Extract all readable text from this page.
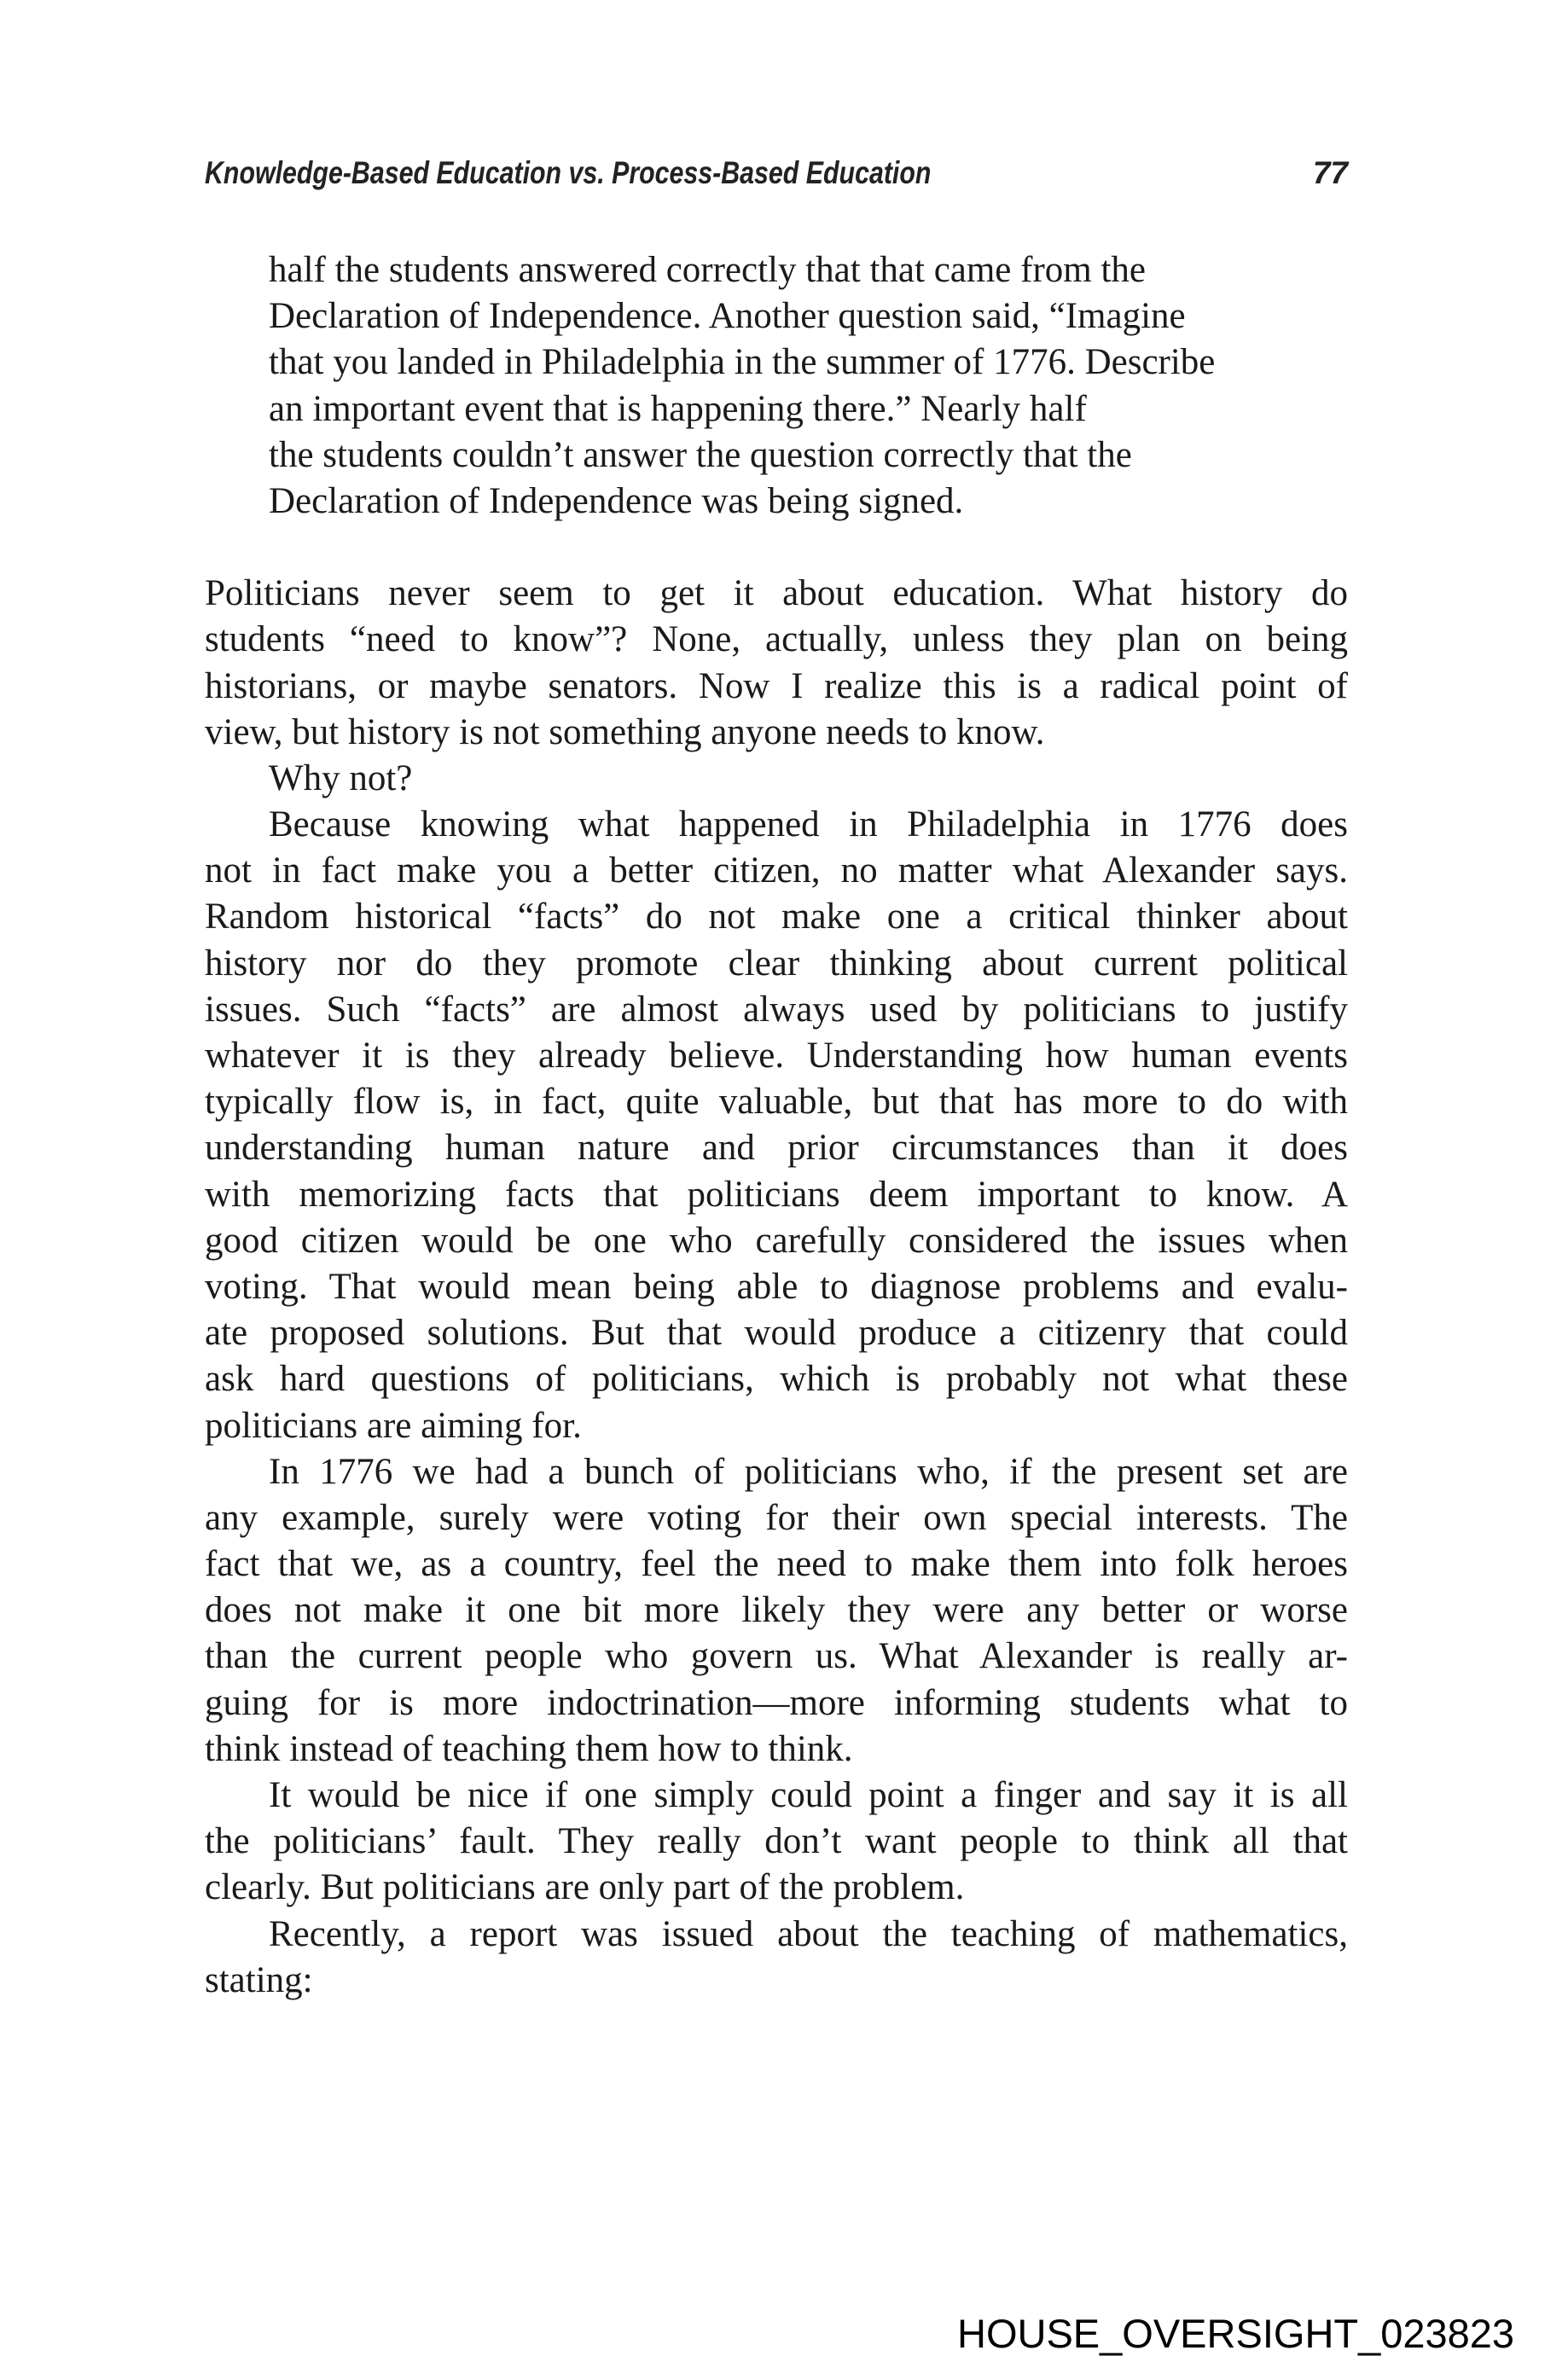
Knowledge-Based Education vs. Process-Based Education	77
half the students answered correctly that that came from the
Declaration of Independence. Another question said, “Imagine
that you landed in Philadelphia in the summer of 1776. Describe
an important event that is happening there.” Nearly half
the students couldn’t answer the question correctly that the
Declaration of Independence was being signed.
Politicians never seem to get it about education. What history do
students “need to know”? None, actually, unless they plan on being
historians, or maybe senators. Now I realize this is a radical point of
view, but history is not something anyone needs to know.
Why not?
Because knowing what happened in Philadelphia in 1776 does
not in fact make you a better citizen, no matter what Alexander says.
Random historical “facts” do not make one a critical thinker about
history nor do they promote clear thinking about current political
issues. Such “facts” are almost always used by politicians to justify
whatever it is they already believe. Understanding how human events
typically flow is, in fact, quite valuable, but that has more to do with
understanding human nature and prior circumstances than it does
with memorizing facts that politicians deem important to know. A
good citizen would be one who carefully considered the issues when
voting. That would mean being able to diagnose problems and evalu-
ate proposed solutions. But that would produce a citizenry that could
ask hard questions of politicians, which is probably not what these
politicians are aiming for.
In 1776 we had a bunch of politicians who, if the present set are
any example, surely were voting for their own special interests. The
fact that we, as a country, feel the need to make them into folk heroes
does not make it one bit more likely they were any better or worse
than the current people who govern us. What Alexander is really ar-
guing for is more indoctrination—more informing students what to
think instead of teaching them how to think.
It would be nice if one simply could point a finger and say it is all
the politicians’ fault. They really don’t want people to think all that
clearly. But politicians are only part of the problem.
Recently, a report was issued about the teaching of mathematics,
stating:
HOUSE_OVERSIGHT_023823
